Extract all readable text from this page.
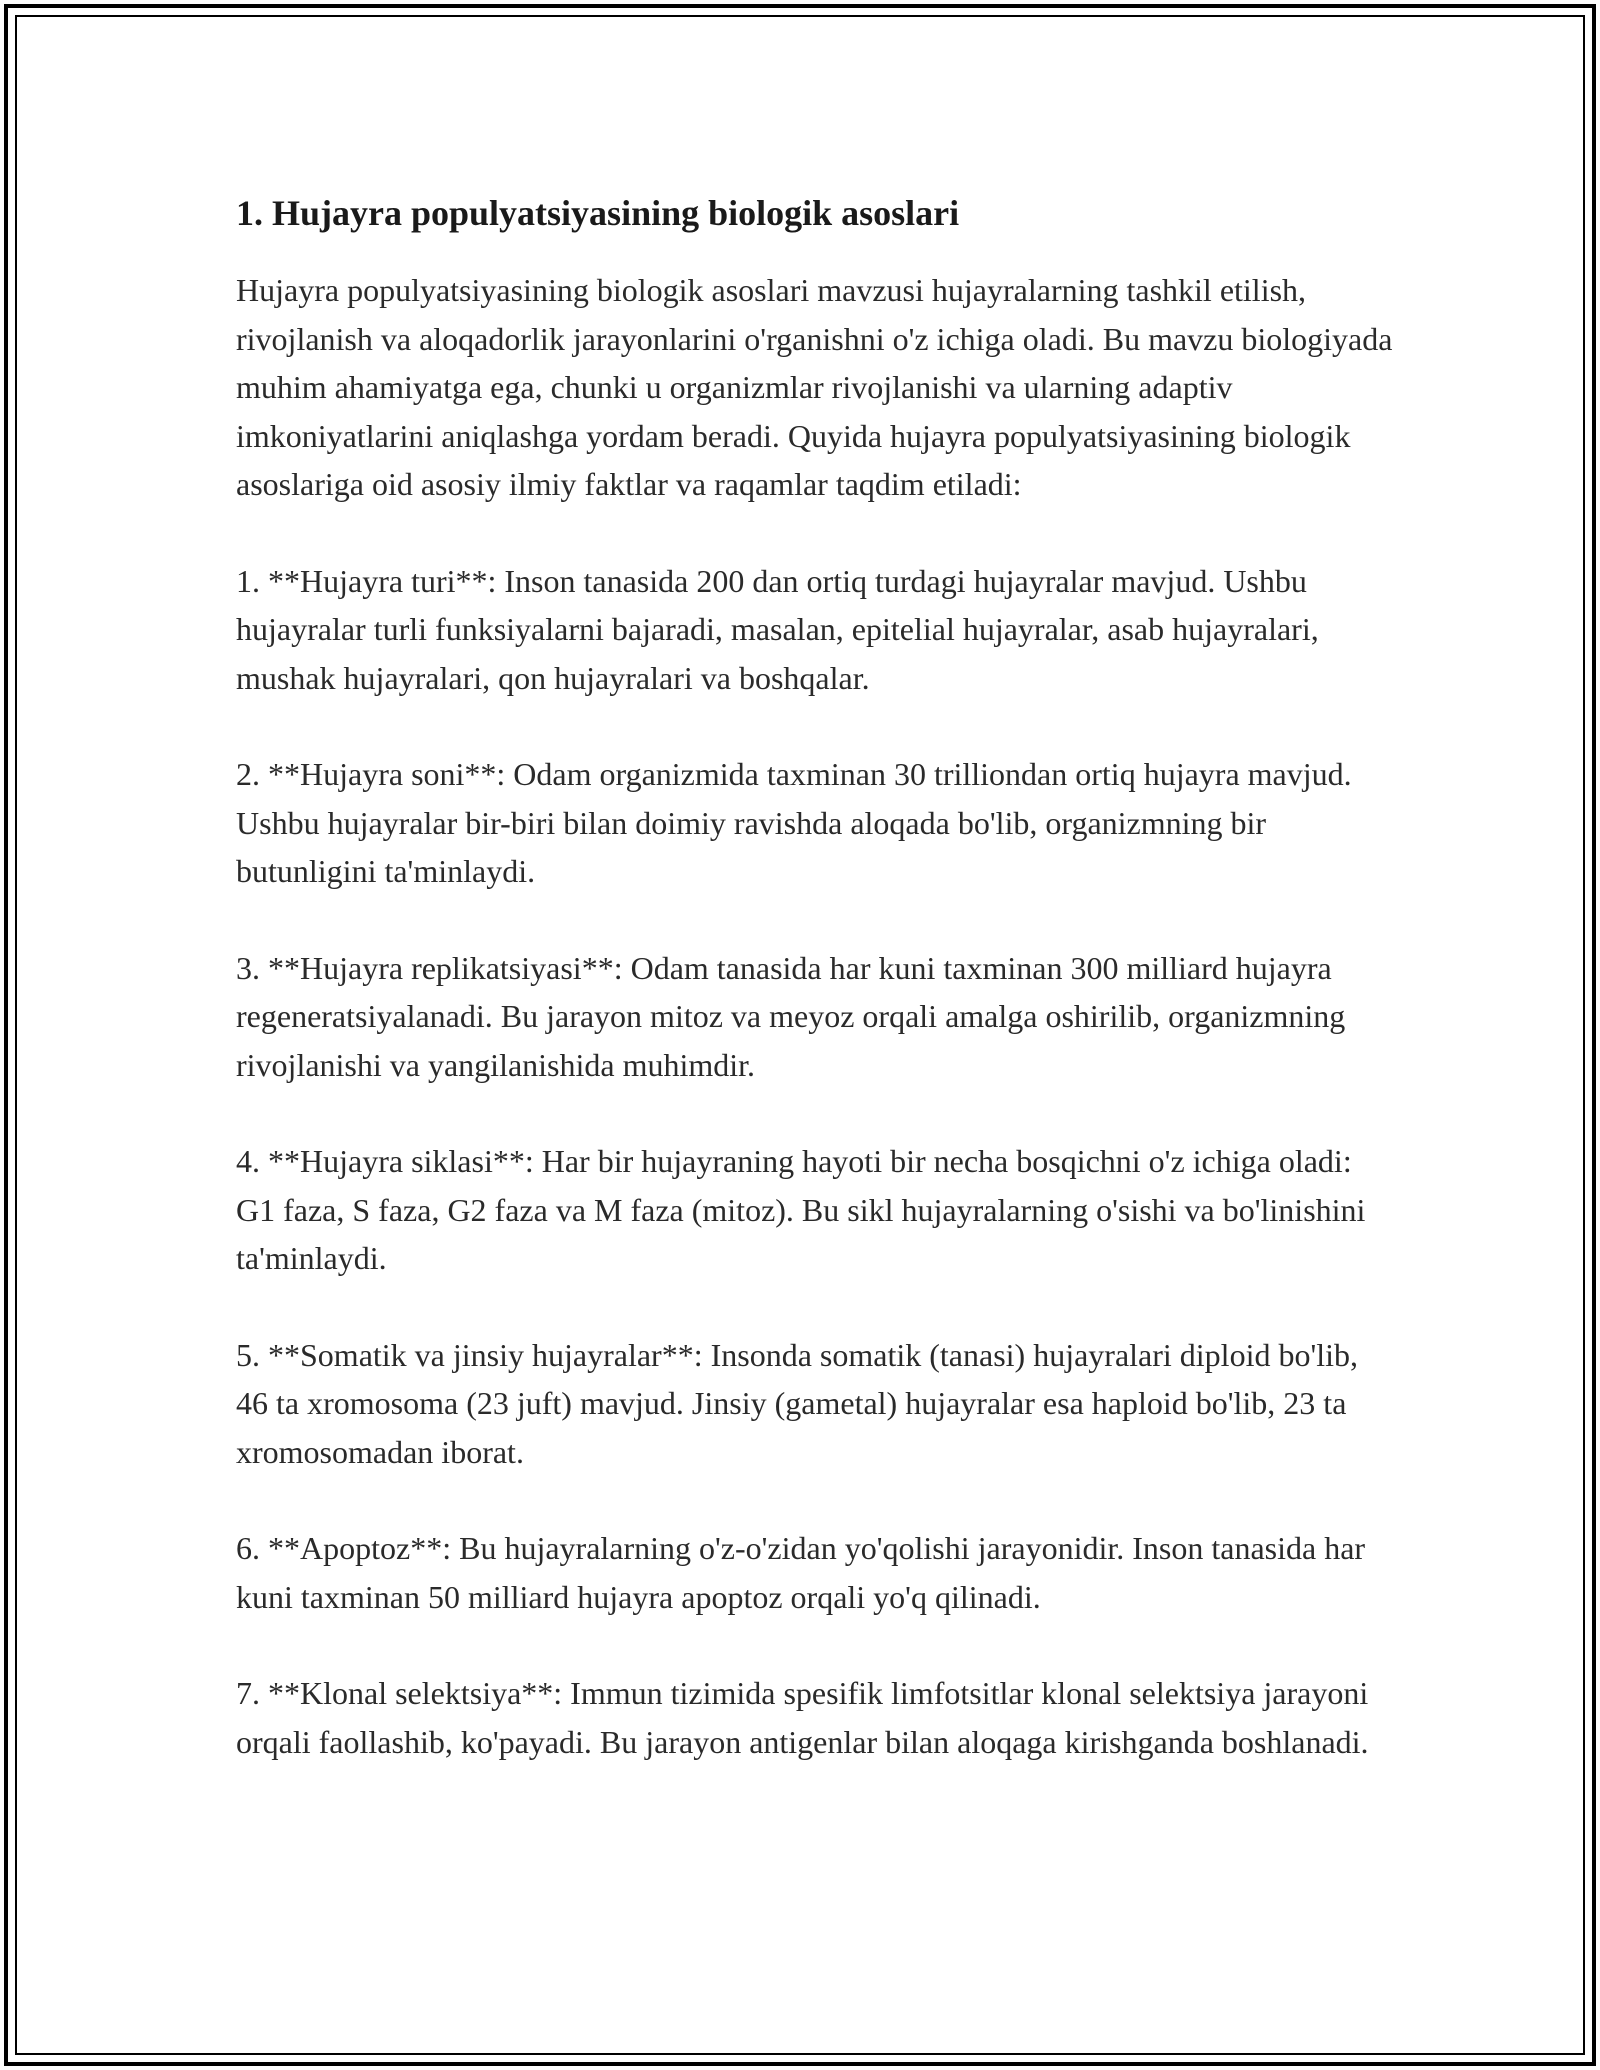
1. Hujayra populyatsiyasining biologik asoslari

Hujayra populyatsiyasining biologik asoslari mavzusi hujayralarning tashkil etilish, rivojlanish va aloqadorlik jarayonlarini o'rganishni o'z ichiga oladi. Bu mavzu biologiyada muhim ahamiyatga ega, chunki u organizmlar rivojlanishi va ularning adaptiv imkoniyatlarini aniqlashga yordam beradi. Quyida hujayra populyatsiyasining biologik asoslariga oid asosiy ilmiy faktlar va raqamlar taqdim etiladi:

1. **Hujayra turi**: Inson tanasida 200 dan ortiq turdagi hujayralar mavjud. Ushbu hujayralar turli funksiyalarni bajaradi, masalan, epitelial hujayralar, asab hujayralari, mushak hujayralari, qon hujayralari va boshqalar.

2. **Hujayra soni**: Odam organizmida taxminan 30 trilliondan ortiq hujayra mavjud. Ushbu hujayralar bir-biri bilan doimiy ravishda aloqada bo'lib, organizmning bir butunligini ta'minlaydi.

3. **Hujayra replikatsiyasi**: Odam tanasida har kuni taxminan 300 milliard hujayra regeneratsiyalanadi. Bu jarayon mitoz va meyoz orqali amalga oshirilib, organizmning rivojlanishi va yangilanishida muhimdir.

4. **Hujayra siklasi**: Har bir hujayraning hayoti bir necha bosqichni o'z ichiga oladi: G1 faza, S faza, G2 faza va M faza (mitoz). Bu sikl hujayralarning o'sishi va bo'linishini ta'minlaydi.

5. **Somatik va jinsiy hujayralar**: Insonda somatik (tanasi) hujayralari diploid bo'lib, 46 ta xromosoma (23 juft) mavjud. Jinsiy (gametal) hujayralar esa haploid bo'lib, 23 ta xromosomadan iborat.

6. **Apoptoz**: Bu hujayralarning o'z-o'zidan yo'qolishi jarayonidir. Inson tanasida har kuni taxminan 50 milliard hujayra apoptoz orqali yo'q qilinadi.

7. **Klonal selektsiya**: Immun tizimida spesifik limfotsitlar klonal selektsiya jarayoni orqali faollashib, ko'payadi. Bu jarayon antigenlar bilan aloqaga kirishganda boshlanadi.
